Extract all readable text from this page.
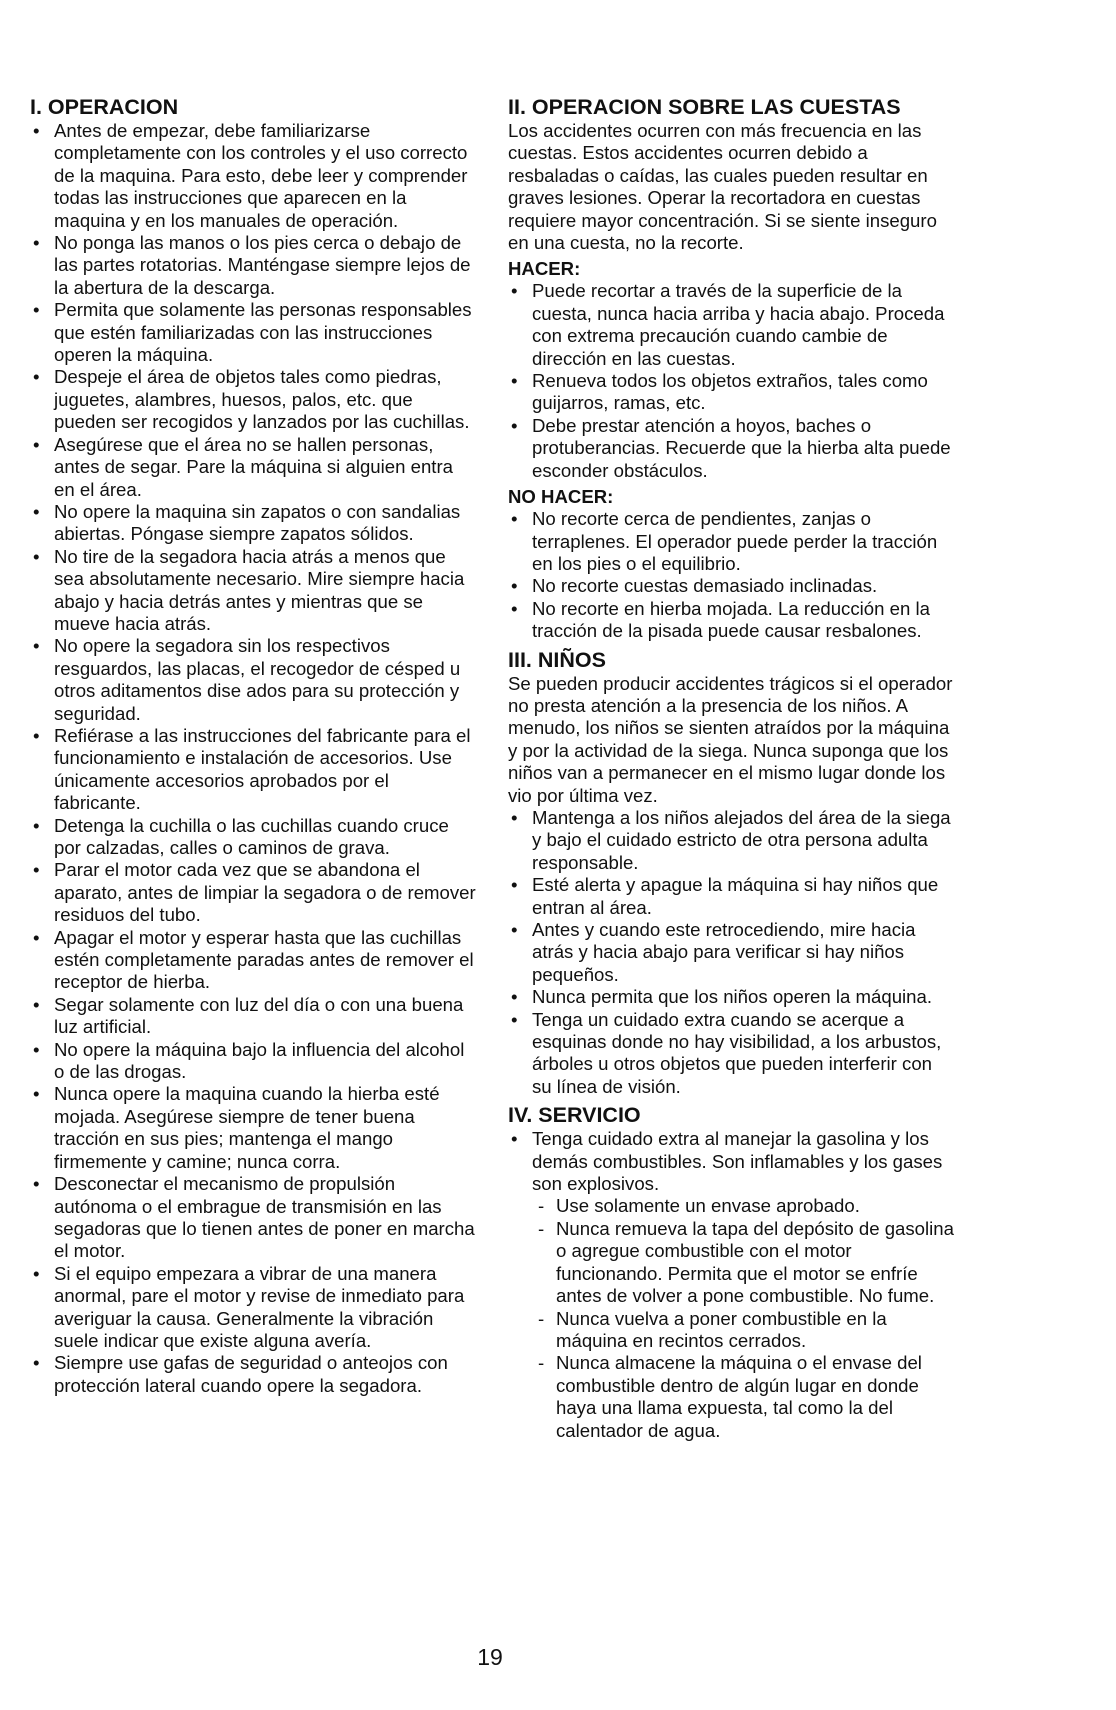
I. OPERACION
• Antes de empezar, debe familiarizarse completamente con los controles y el uso correcto de la maquina. Para esto, debe leer y comprender todas las instrucciones que aparecen en la maquina y en los manuales de operación.
• No ponga las manos o los pies cerca o debajo de las partes rotatorias. Manténgase siempre lejos de la abertura de la descarga.
• Permita que solamente las personas responsables que estén familiarizadas con las instrucciones operen la máquina.
• Despeje el área de objetos tales como piedras, juguetes, alambres, huesos, palos, etc. que pueden ser recogidos y lanzados por las cuchillas.
• Asegúrese que el área no se hallen personas, antes de segar. Pare la máquina si alguien entra en el área.
• No opere la maquina sin zapatos o con sandalias abiertas. Póngase siempre zapatos sólidos.
• No tire de la segadora hacia atrás a menos que sea absolutamente necesario. Mire siempre hacia abajo y hacia detrás antes y mientras que se mueve hacia atrás.
• No opere la segadora sin los respectivos resguardos, las placas, el recogedor de césped u otros aditamentos dise ados para su protección y seguridad.
• Refiérase a las instrucciones del fabricante para el funcionamiento e instalación de accesorios. Use únicamente accesorios aprobados por el fabricante.
• Detenga la cuchilla o las cuchillas cuando cruce por calzadas, calles o caminos de grava.
• Parar el motor cada vez que se abandona el aparato, antes de limpiar la segadora o de remover residuos del tubo.
• Apagar el motor y esperar hasta que las cuchillas estén completamente paradas antes de remover el receptor de hierba.
• Segar solamente con luz del día o con una buena luz artificial.
• No opere la máquina bajo la influencia del alcohol o de las drogas.
• Nunca opere la maquina cuando la hierba esté mojada. Asegúrese siempre de tener buena tracción en sus pies; mantenga el mango firmemente y camine; nunca corra.
• Desconectar el mecanismo de propulsión autónoma o el embrague de transmisión en las segadoras que lo tienen antes de poner en marcha el motor.
• Si el equipo empezara a vibrar de una manera anormal, pare el motor y revise de inmediato para averiguar la causa. Generalmente la vibración suele indicar que existe alguna avería.
• Siempre use gafas de seguridad o anteojos con protección lateral cuando opere la segadora.
II. OPERACION SOBRE LAS CUESTAS

Los accidentes ocurren con más frecuencia en las cuestas. Estos accidentes ocurren debido a resbaladas o caídas, las cuales pueden resultar en graves lesiones. Operar la recortadora en cuestas requiere mayor concentración. Si se siente inseguro en una cuesta, no la recorte.

HACER:
• Puede recortar a través de la superficie de la cuesta, nunca hacia arriba y hacia abajo. Proceda con extrema precaución cuando cambie de dirección en las cuestas.
• Renueva todos los objetos extraños, tales como guijarros, ramas, etc.
• Debe prestar atención a hoyos, baches o protuberancias. Recuerde que la hierba alta puede esconder obstáculos.
NO HACER:
• No recorte cerca de pendientes, zanjas o terraplenes. El operador puede perder la tracción en los pies o el equilibrio.
• No recorte cuestas demasiado inclinadas.
• No recorte en hierba mojada. La reducción en la tracción de la pisada puede causar resbalones.
III. NIÑOS

Se pueden producir accidentes trágicos si el operador no presta atención a la presencia de los niños. A menudo, los niños se sienten atraídos por la máquina y por la actividad de la siega. Nunca suponga que los niños van a permanecer en el mismo lugar donde los vio por última vez.

• Mantenga a los niños alejados del área de la siega y bajo el cuidado estricto de otra persona adulta responsable.
• Esté alerta y apague la máquina si hay niños que entran al área.
• Antes y cuando este retrocediendo, mire hacia atrás y hacia abajo para verificar si hay niños pequeños.
• Nunca permita que los niños operen la máquina.
• Tenga un cuidado extra cuando se acerque a esquinas donde no hay visibilidad, a los arbustos, árboles u otros objetos que pueden interferir con su línea de visión.
IV. SERVICIO
• Tenga cuidado extra al manejar la gasolina y los demás combustibles. Son inflamables y los gases son explosivos.
- Use solamente un envase aprobado.
- Nunca remueva la tapa del depósito de gasolina o agregue combustible con el motor funcionando. Permita que el motor se enfríe antes de volver a pone combustible. No fume.
- Nunca vuelva a poner combustible en la máquina en recintos cerrados.
- Nunca almacene la máquina o el envase del combustible dentro de algún lugar en donde haya una llama expuesta, tal como la del calentador de agua.
19
